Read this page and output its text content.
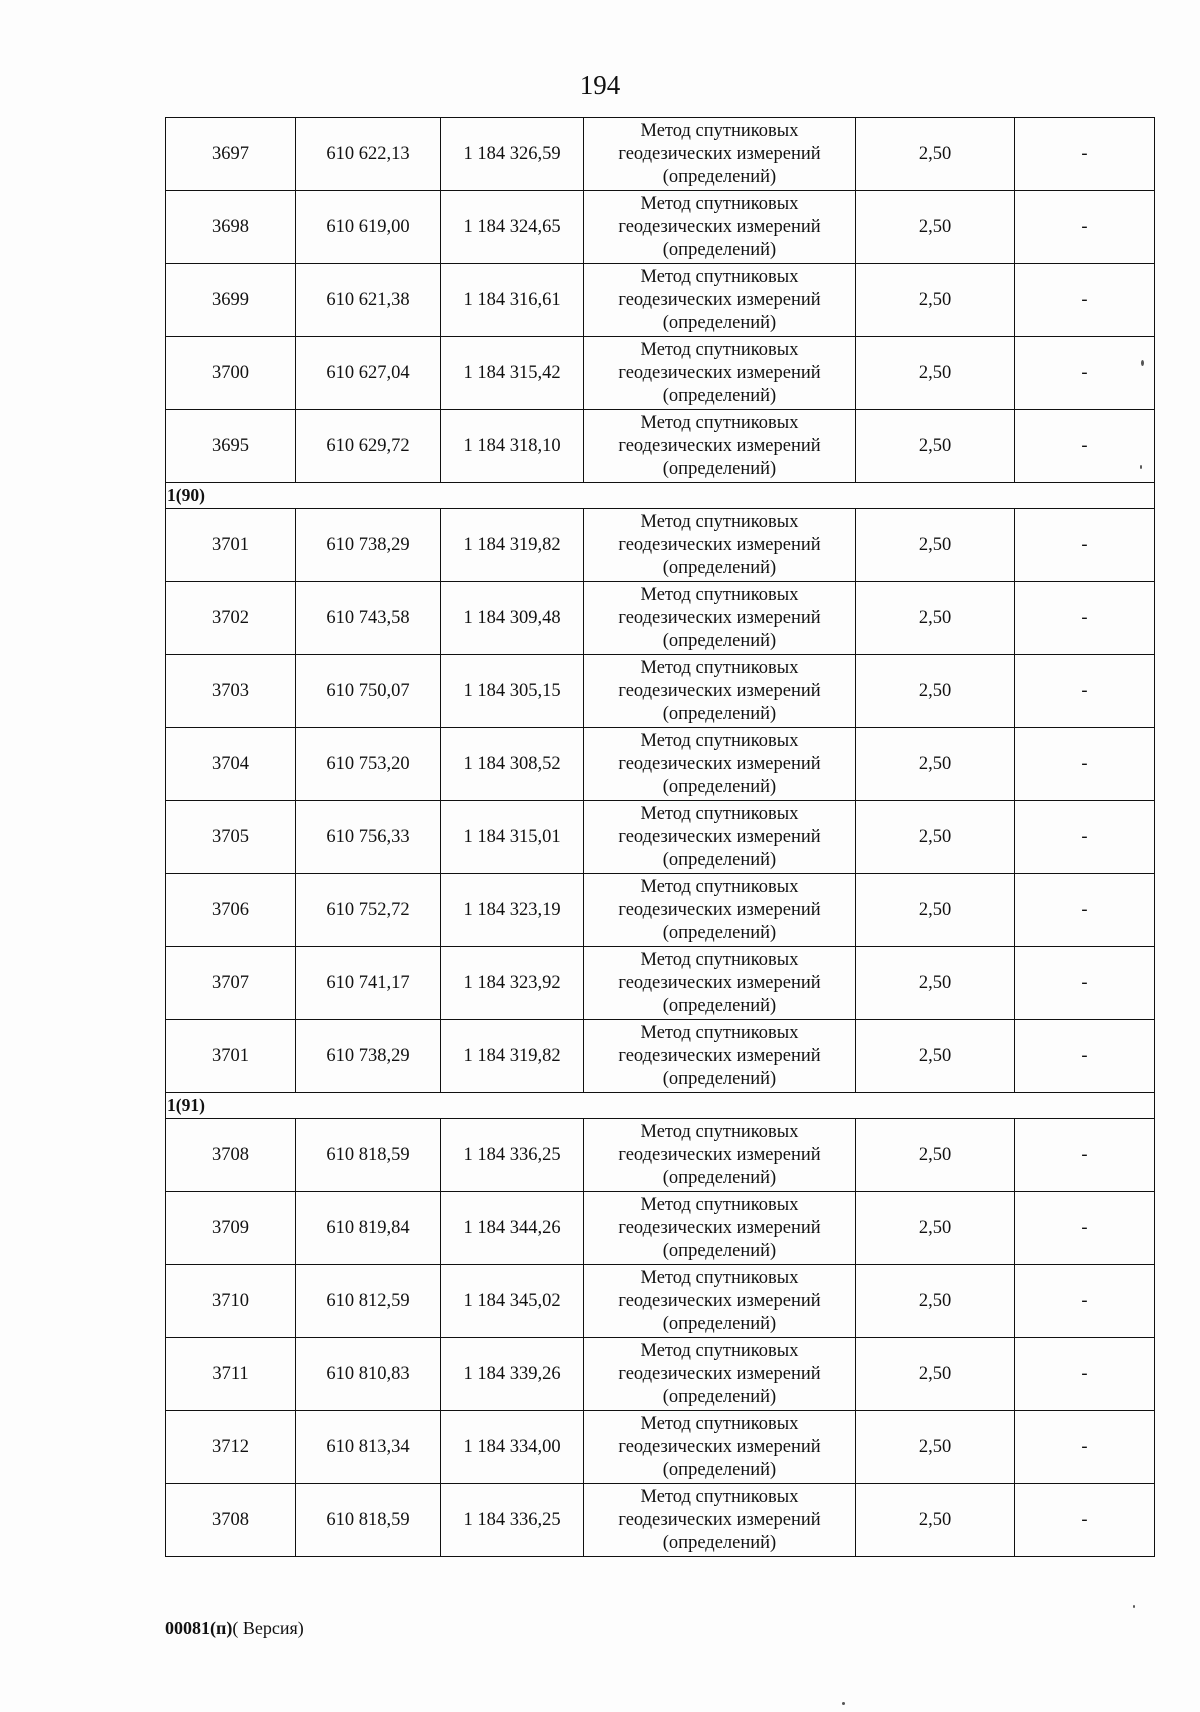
194
3697	610 622,13	1 184 326,59	Метод спутниковых
геодезических измерений
(определений)	2,50	-
3698	610 619,00	1 184 324,65	Метод спутниковых
геодезических измерений
(определений)	2,50	-
3699	610 621,38	1 184 316,61	Метод спутниковых
геодезических измерений
(определений)	2,50	-
3700	610 627,04	1 184 315,42	Метод спутниковых
геодезических измерений
(определений)	2,50	-
3695	610 629,72	1 184 318,10	Метод спутниковых
геодезических измерений
(определений)	2,50	-
1(90)					
3701	610 738,29	1 184 319,82	Метод спутниковых
геодезических измерений
(определений)	2,50	-
3702	610 743,58	1 184 309,48	Метод спутниковых
геодезических измерений
(определений)	2,50	-
3703	610 750,07	1 184 305,15	Метод спутниковых
геодезических измерений
(определений)	2,50	-
3704	610 753,20	1 184 308,52	Метод спутниковых
геодезических измерений
(определений)	2,50	-
3705	610 756,33	1 184 315,01	Метод спутниковых
геодезических измерений
(определений)	2,50	-
3706	610 752,72	1 184 323,19	Метод спутниковых
геодезических измерений
(определений)	2,50	-
3707	610 741,17	1 184 323,92	Метод спутниковых
геодезических измерений
(определений)	2,50	-
3701	610 738,29	1 184 319,82	Метод спутниковых
геодезических измерений
(определений)	2,50	-
1(91)					
3708	610 818,59	1 184 336,25	Метод спутниковых
геодезических измерений
(определений)	2,50	-
3709	610 819,84	1 184 344,26	Метод спутниковых
геодезических измерений
(определений)	2,50	-
3710	610 812,59	1 184 345,02	Метод спутниковых
геодезических измерений
(определений)	2,50	-
3711	610 810,83	1 184 339,26	Метод спутниковых
геодезических измерений
(определений)	2,50	-
3712	610 813,34	1 184 334,00	Метод спутниковых
геодезических измерений
(определений)	2,50	-
3708	610 818,59	1 184 336,25	Метод спутниковых
геодезических измерений
(определений)	2,50	-
00081(п)( Версия)
